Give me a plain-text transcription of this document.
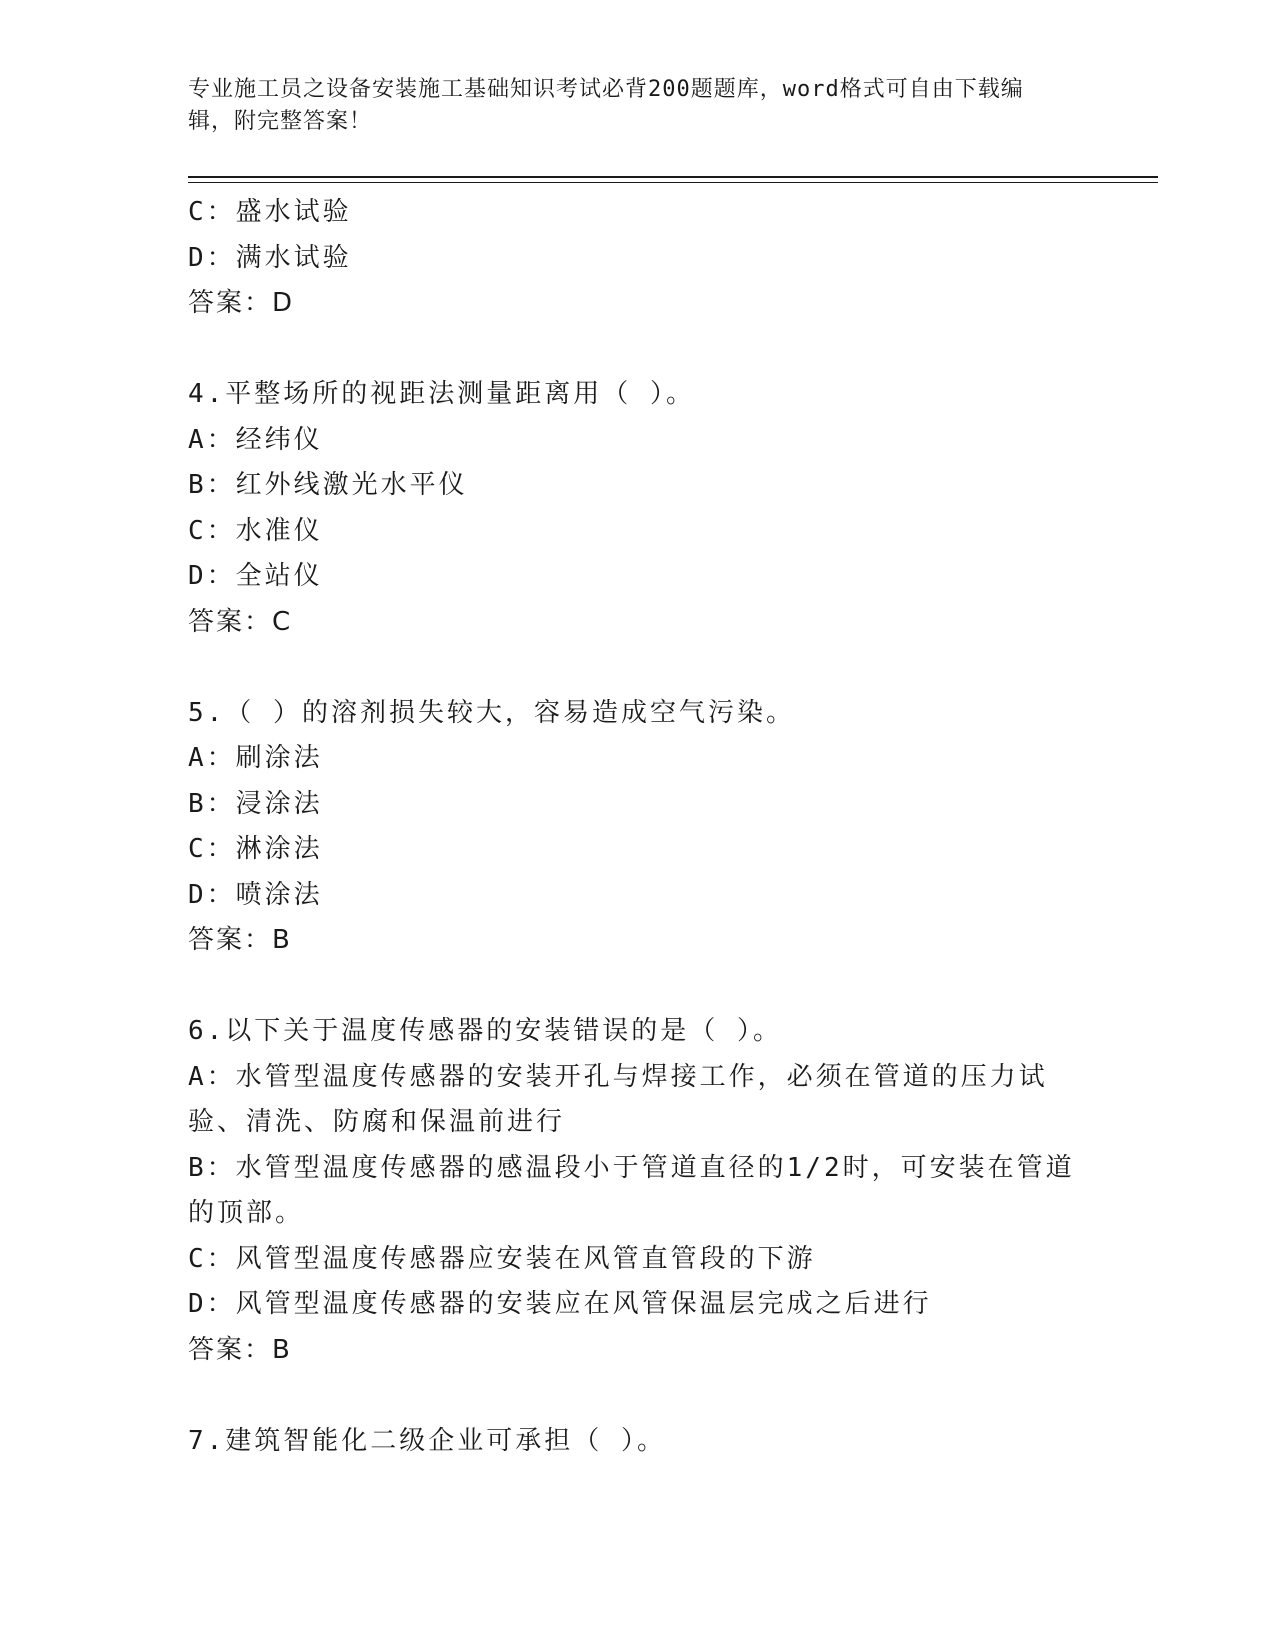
专业施工员之设备安装施工基础知识考试必背200题题库，word格式可自由下载编辑，附完整答案！
C：盛水试验
D：满水试验
答案：D
4.平整场所的视距法测量距离用（ ）。
A：经纬仪
B：红外线激光水平仪
C：水准仪
D：全站仪
答案：C
5.（ ）的溶剂损失较大，容易造成空气污染。
A：刷涂法
B：浸涂法
C：淋涂法
D：喷涂法
答案：B
6.以下关于温度传感器的安装错误的是（ ）。
A：水管型温度传感器的安装开孔与焊接工作，必须在管道的压力试验、清洗、防腐和保温前进行
B：水管型温度传感器的感温段小于管道直径的1/2时，可安装在管道的顶部。
C：风管型温度传感器应安装在风管直管段的下游
D：风管型温度传感器的安装应在风管保温层完成之后进行
答案：B
7.建筑智能化二级企业可承担（ ）。
